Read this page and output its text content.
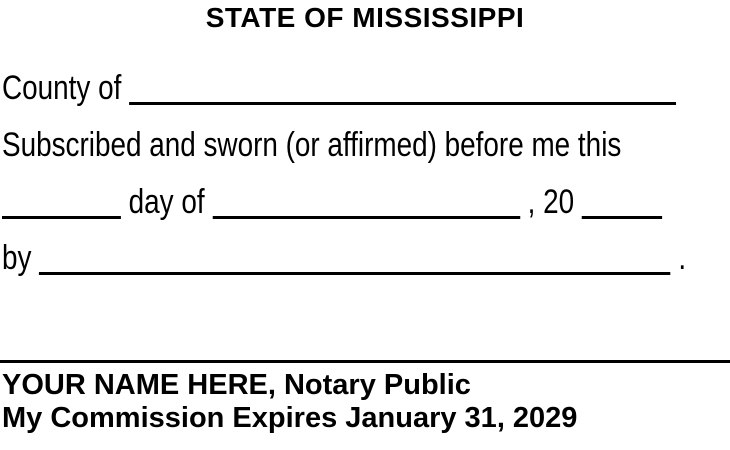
STATE OF MISSISSIPPI
County of
Subscribed and sworn (or affirmed) before me this
day of	, 20
by	.
YOUR NAME HERE, Notary Public
My Commission Expires January 31, 2029
